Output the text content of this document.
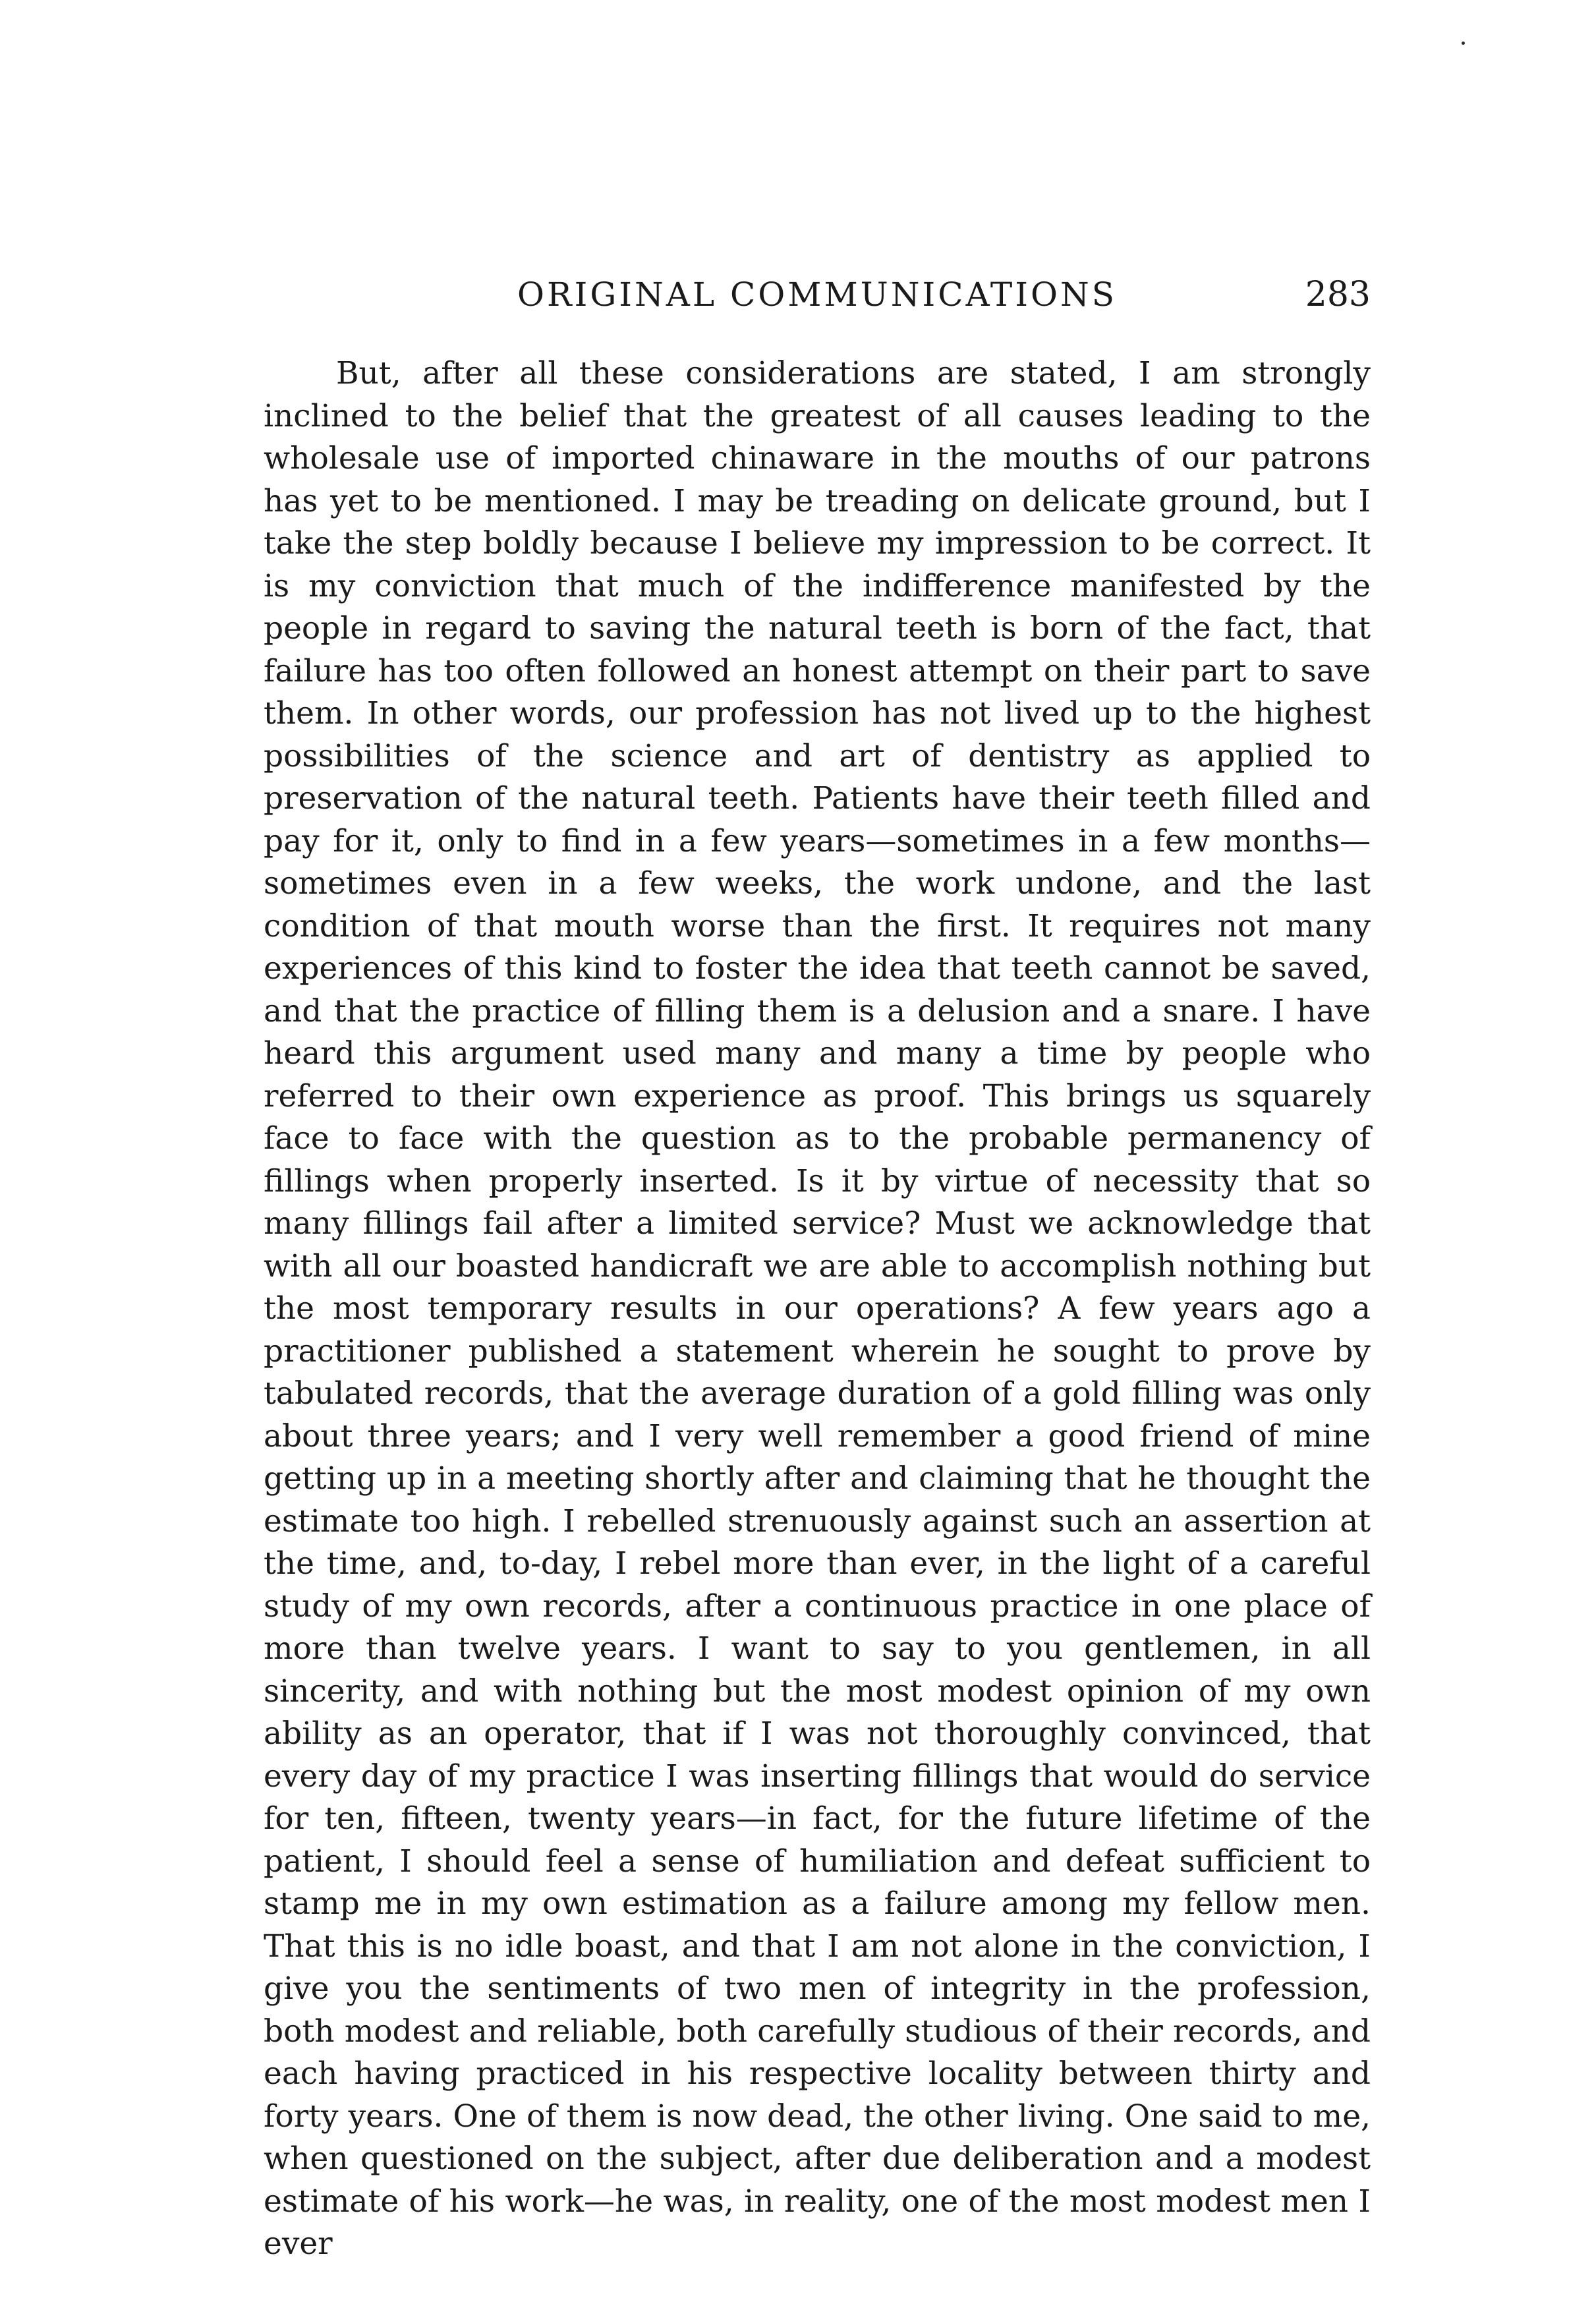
ORIGINAL COMMUNICATIONS	283

But, after all these considerations are stated, I am strongly inclined to the belief that the greatest of all causes leading to the wholesale use of imported chinaware in the mouths of our patrons has yet to be mentioned. I may be treading on delicate ground, but I take the step boldly because I believe my impression to be correct. It is my conviction that much of the indifference manifested by the people in regard to saving the natural teeth is born of the fact, that failure has too often followed an honest attempt on their part to save them. In other words, our profession has not lived up to the highest possibilities of the science and art of dentistry as applied to preservation of the natural teeth. Patients have their teeth filled and pay for it, only to find in a few years—sometimes in a few months—sometimes even in a few weeks, the work undone, and the last condition of that mouth worse than the first. It requires not many experiences of this kind to foster the idea that teeth cannot be saved, and that the practice of filling them is a delusion and a snare. I have heard this argument used many and many a time by people who referred to their own experience as proof. This brings us squarely face to face with the question as to the probable permanency of fillings when properly inserted. Is it by virtue of necessity that so many fillings fail after a limited service? Must we acknowledge that with all our boasted handicraft we are able to accomplish nothing but the most temporary results in our operations? A few years ago a practitioner published a statement wherein he sought to prove by tabulated records, that the average duration of a gold filling was only about three years; and I very well remember a good friend of mine getting up in a meeting shortly after and claiming that he thought the estimate too high. I rebelled strenuously against such an assertion at the time, and, to-day, I rebel more than ever, in the light of a careful study of my own records, after a continuous practice in one place of more than twelve years. I want to say to you gentlemen, in all sincerity, and with nothing but the most modest opinion of my own ability as an operator, that if I was not thoroughly convinced, that every day of my practice I was inserting fillings that would do service for ten, fifteen, twenty years—in fact, for the future lifetime of the patient, I should feel a sense of humiliation and defeat sufficient to stamp me in my own estimation as a failure among my fellow men. That this is no idle boast, and that I am not alone in the conviction, I give you the sentiments of two men of integrity in the profession, both modest and reliable, both carefully studious of their records, and each having practiced in his respective locality between thirty and forty years. One of them is now dead, the other living. One said to me, when questioned on the subject, after due deliberation and a modest estimate of his work—he was, in reality, one of the most modest men I ever
